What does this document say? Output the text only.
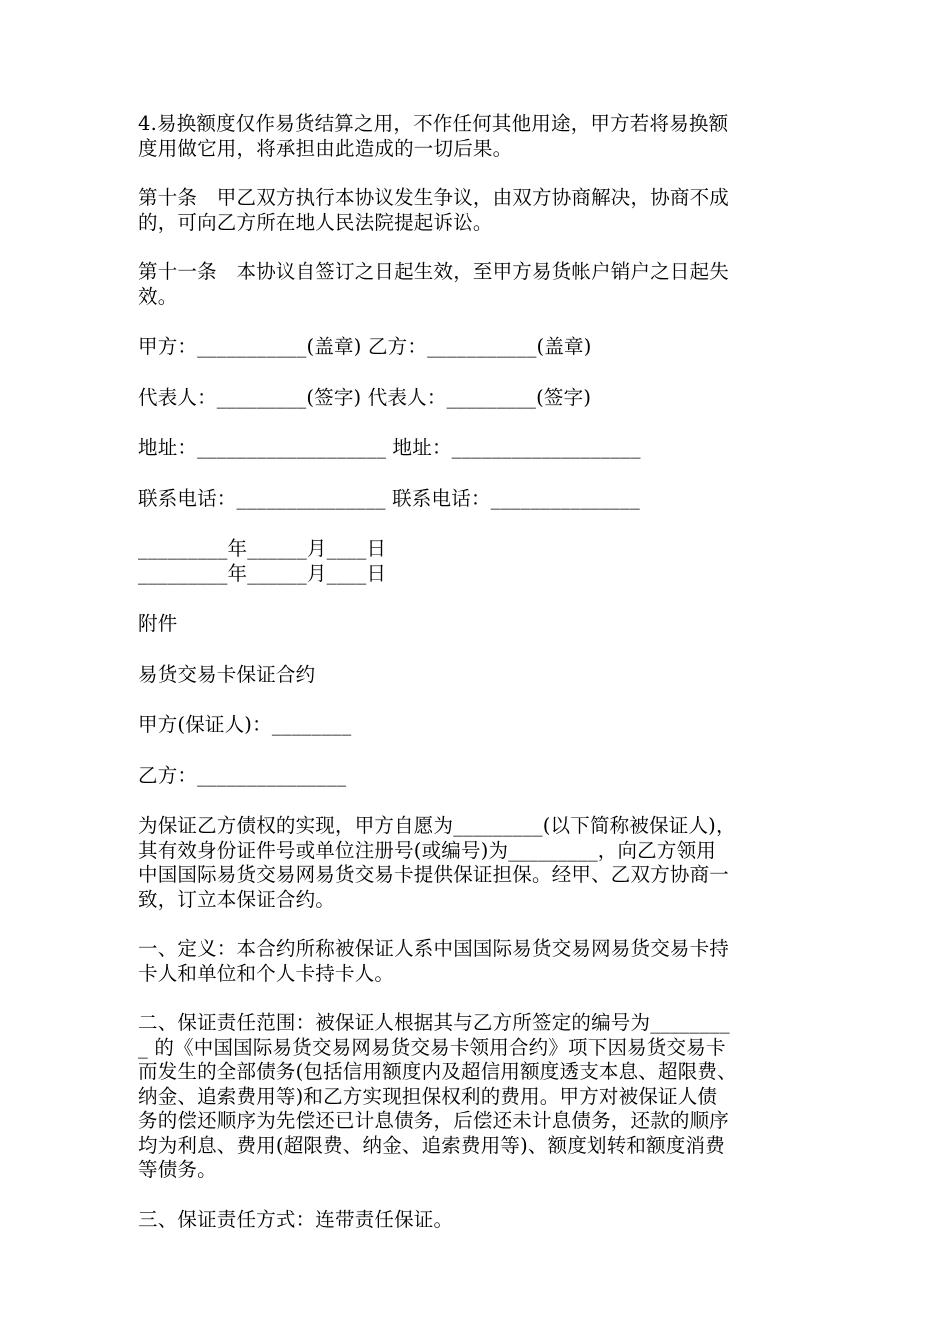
4.易换额度仅作易货结算之用，不作任何其他用途，甲方若将易换额

度用做它用，将承担由此造成的一切后果。

第十条　甲乙双方执行本协议发生争议，由双方协商解决，协商不成

的，可向乙方所在地人民法院提起诉讼。

第十一条　本协议自签订之日起生效，至甲方易货帐户销户之日起失

效。

甲方：___________(盖章) 乙方：___________(盖章)

代表人：_________(签字) 代表人：_________(签字)

地址：___________________ 地址：___________________

联系电话：_______________ 联系电话：_______________

_________年______月____日

_________年______月____日

附件

易货交易卡保证合约

甲方(保证人)：________

乙方：_______________

为保证乙方债权的实现，甲方自愿为_________(以下简称被保证人)，

其有效身份证件号或单位注册号(或编号)为_________，向乙方领用

中国国际易货交易网易货交易卡提供保证担保。经甲、乙双方协商一

致，订立本保证合约。

一、定义：本合约所称被保证人系中国国际易货交易网易货交易卡持

卡人和单位和个人卡持卡人。

二、保证责任范围：被保证人根据其与乙方所签定的编号为________

_ 的《中国国际易货交易网易货交易卡领用合约》项下因易货交易卡

而发生的全部债务(包括信用额度内及超信用额度透支本息、超限费、

纳金、追索费用等)和乙方实现担保权利的费用。甲方对被保证人债

务的偿还顺序为先偿还已计息债务，后偿还未计息债务，还款的顺序

均为利息、费用(超限费、纳金、追索费用等)、额度划转和额度消费

等债务。

三、保证责任方式：连带责任保证。
